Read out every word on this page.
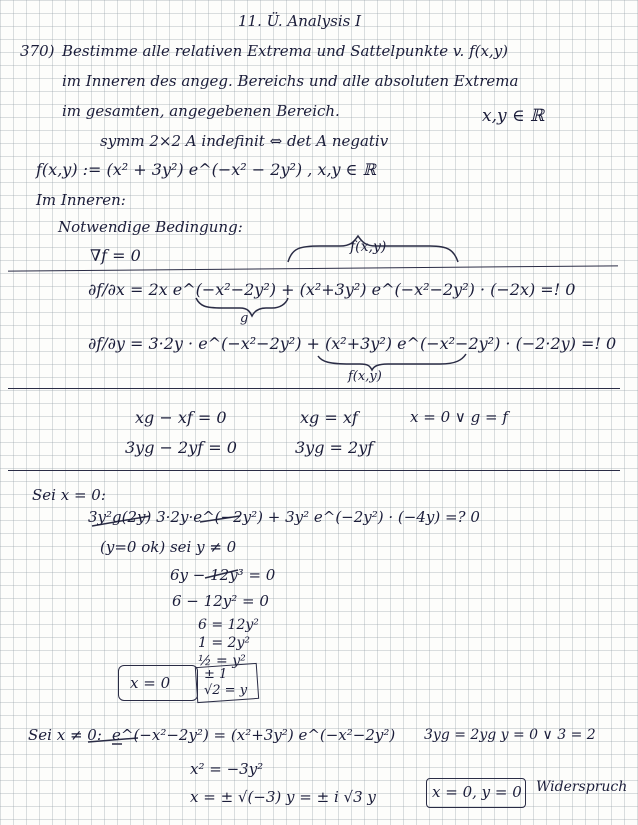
11. Ü. Analysis I
370) Bestimme alle relativen Extrema und Sattelpunkte v. f(x,y)
im Inneren des angeg. Bereichs und alle absoluten Extrema
im gesamten, angegebenen Bereich.	x,y ∈ ℝ
symm 2×2 A indefinit ⇔ det A negativ
f(x,y) := (x² + 3y²) e^(−x² − 2y²) , x,y ∈ ℝ
Im Inneren:
Notwendige Bedingung:
∇f = 0	f(x,y)
∂f/∂x = 2x e^(−x²−2y²) + (x²+3y²) e^(−x²−2y²) · (−2x) =! 0
g
∂f/∂y = 3·2y · e^(−x²−2y²) + (x²+3y²) e^(−x²−2y²) · (−2·2y) =! 0
f(x,y)
xg − xf = 0	xg = xf	x = 0 ∨ g = f
3yg − 2yf = 0	3yg = 2yf
Sei x = 0:
3y²g(2y) 3·2y·e^(−2y²) + 3y² e^(−2y²) · (−4y) =? 0
(y=0 ok) sei y ≠ 0
6y − 12y³ = 0
6 − 12y² = 0
6 = 12y²
1 = 2y²
½ = y²
x = 0	± 1
√2 = y
Sei x ≠ 0: e^(−x²−2y²) = (x²+3y²) e^(−x²−2y²)
x² = −3y²
x = ± √(−3) y = ± i √3 y
3yg = 2yg y = 0 ∨ 3 = 2
x = 0, y = 0 Widerspruch
